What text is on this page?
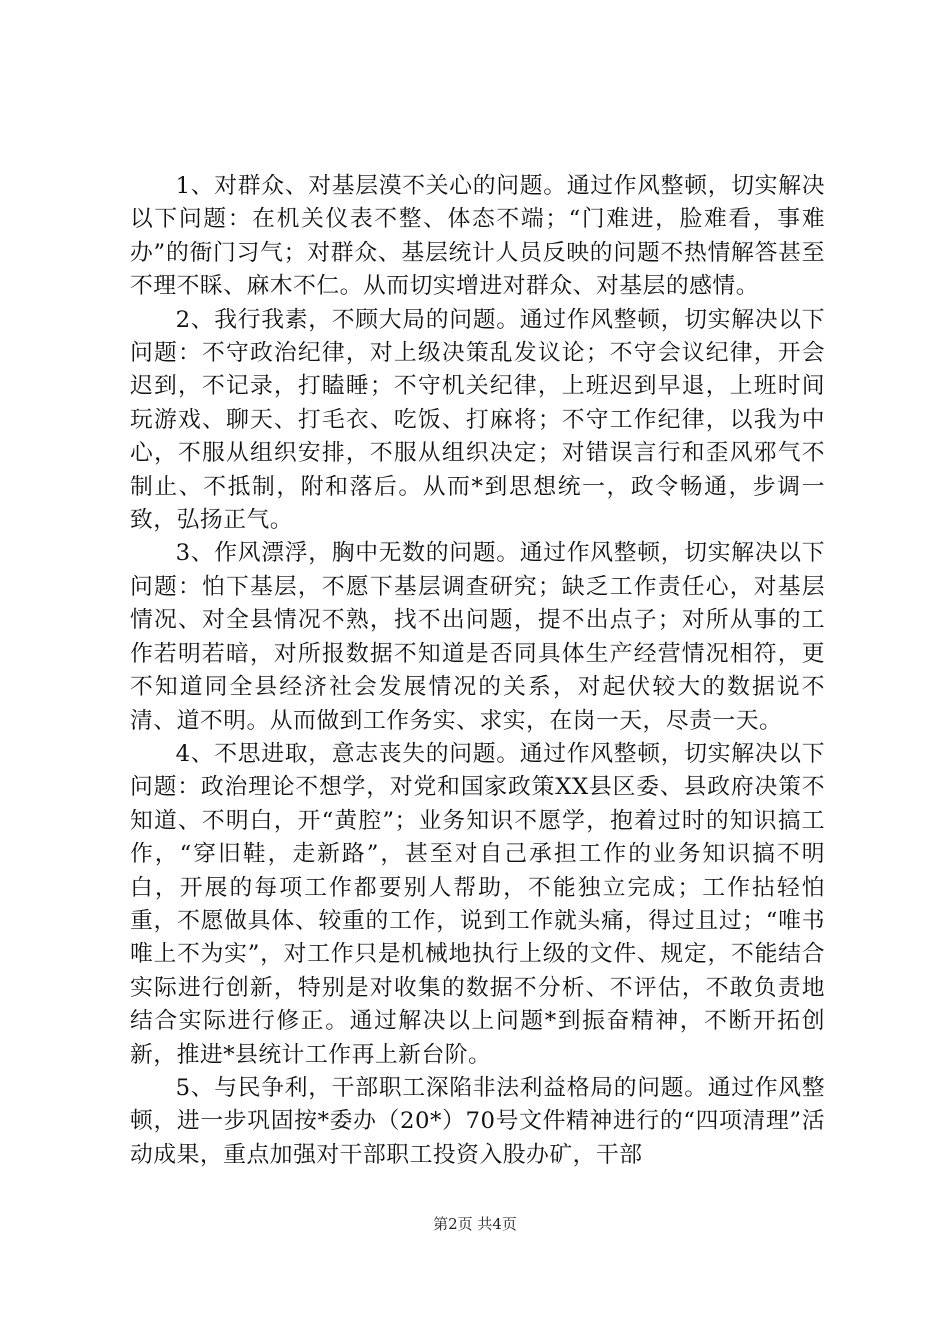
1、对群众、对基层漠不关心的问题。通过作风整顿，切实解决以下问题：在机关仪表不整、体态不端；“门难进，脸难看，事难办”的衙门习气；对群众、基层统计人员反映的问题不热情解答甚至不理不睬、麻木不仁。从而切实增进对群众、对基层的感情。

2、我行我素，不顾大局的问题。通过作风整顿，切实解决以下问题：不守政治纪律，对上级决策乱发议论；不守会议纪律，开会迟到，不记录，打瞌睡；不守机关纪律，上班迟到早退，上班时间玩游戏、聊天、打毛衣、吃饭、打麻将；不守工作纪律，以我为中心，不服从组织安排，不服从组织决定；对错误言行和歪风邪气不制止、不抵制，附和落后。从而*到思想统一，政令畅通，步调一致，弘扬正气。

3、作风漂浮，胸中无数的问题。通过作风整顿，切实解决以下问题：怕下基层，不愿下基层调查研究；缺乏工作责任心，对基层情况、对全县情况不熟，找不出问题，提不出点子；对所从事的工作若明若暗，对所报数据不知道是否同具体生产经营情况相符，更不知道同全县经济社会发展情况的关系，对起伏较大的数据说不清、道不明。从而做到工作务实、求实，在岗一天，尽责一天。

4、不思进取，意志丧失的问题。通过作风整顿，切实解决以下问题：政治理论不想学，对党和国家政策XX县区委、县政府决策不知道、不明白，开“黄腔”；业务知识不愿学，抱着过时的知识搞工作，“穿旧鞋，走新路”，甚至对自己承担工作的业务知识搞不明白，开展的每项工作都要别人帮助，不能独立完成；工作拈轻怕重，不愿做具体、较重的工作，说到工作就头痛，得过且过；“唯书唯上不为实”，对工作只是机械地执行上级的文件、规定，不能结合实际进行创新，特别是对收集的数据不分析、不评估，不敢负责地结合实际进行修正。通过解决以上问题*到振奋精神，不断开拓创新，推进*县统计工作再上新台阶。

5、与民争利，干部职工深陷非法利益格局的问题。通过作风整顿，进一步巩固按*委办（20*）70号文件精神进行的“四项清理”活动成果，重点加强对干部职工投资入股办矿，干部

第2页 共4页
